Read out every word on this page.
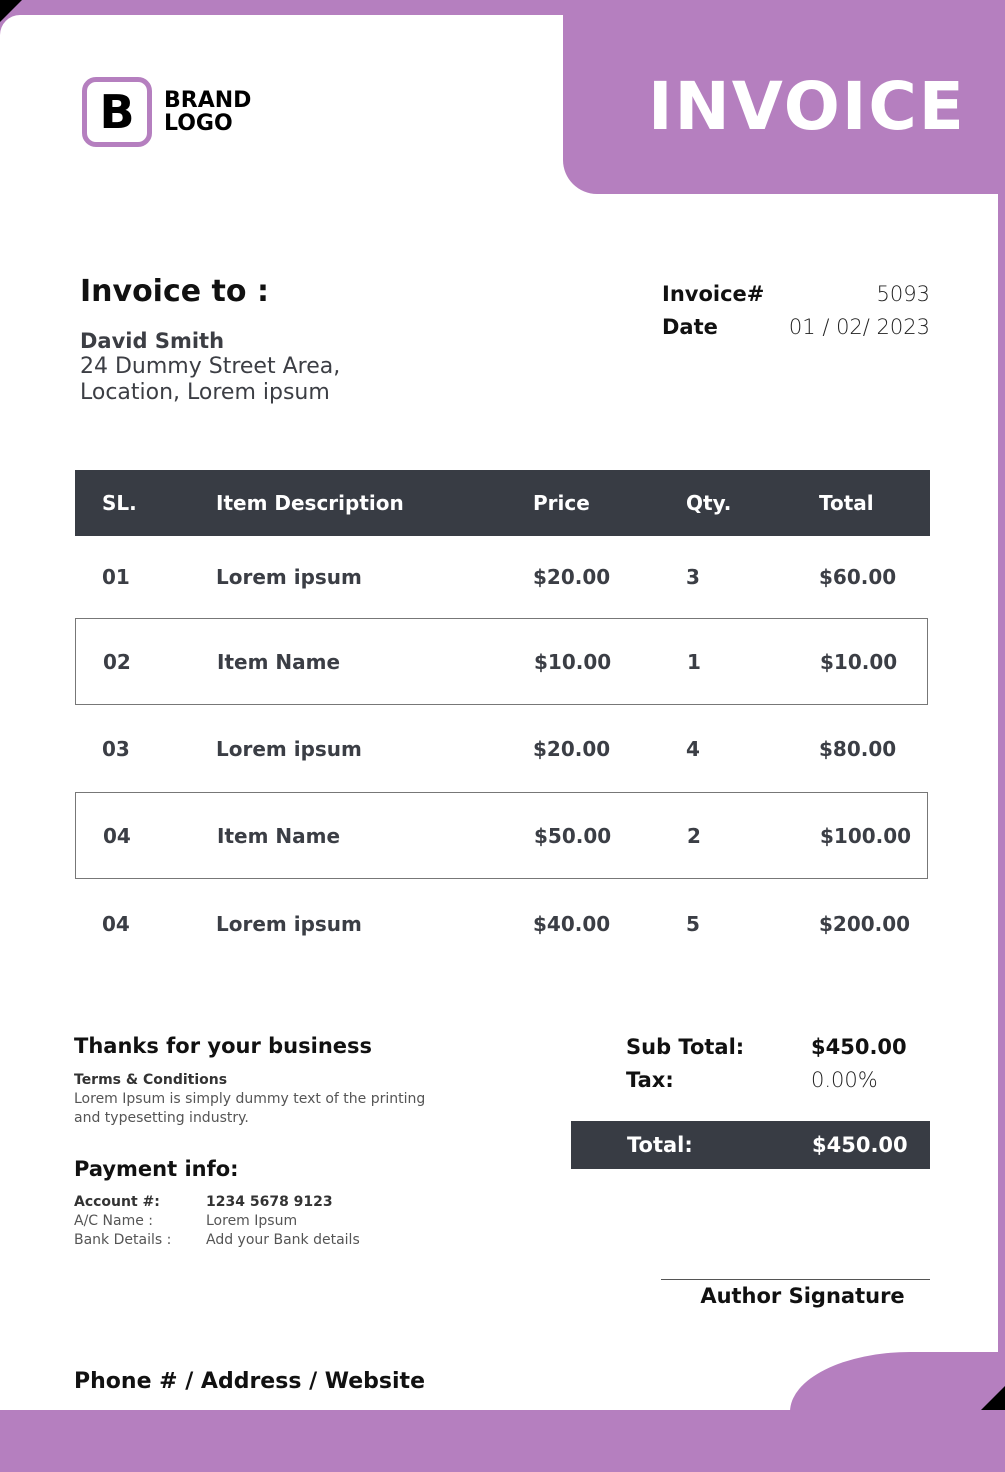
INVOICE
B	BRAND
LOGO
Invoice to :
David Smith
24 Dummy Street Area,
Location, Lorem ipsum
Invoice#	5093
Date	01 / 02/ 2023
SL.	Item Description	Price	Qty.	Total
01	Lorem ipsum	$20.00	3	$60.00
02	Item Name	$10.00	1	$10.00
03	Lorem ipsum	$20.00	4	$80.00
04	Item Name	$50.00	2	$100.00
04	Lorem ipsum	$40.00	5	$200.00
Thanks for your business
Terms & Conditions
Lorem Ipsum is simply dummy text of the printing and typesetting industry.
Payment info:
Account #:	1234 5678 9123
A/C Name :	Lorem Ipsum
Bank Details :	Add your Bank details
Sub Total:	$450.00
Tax:	0.00%
Total:	$450.00
Author Signature
Phone # / Address / Website
